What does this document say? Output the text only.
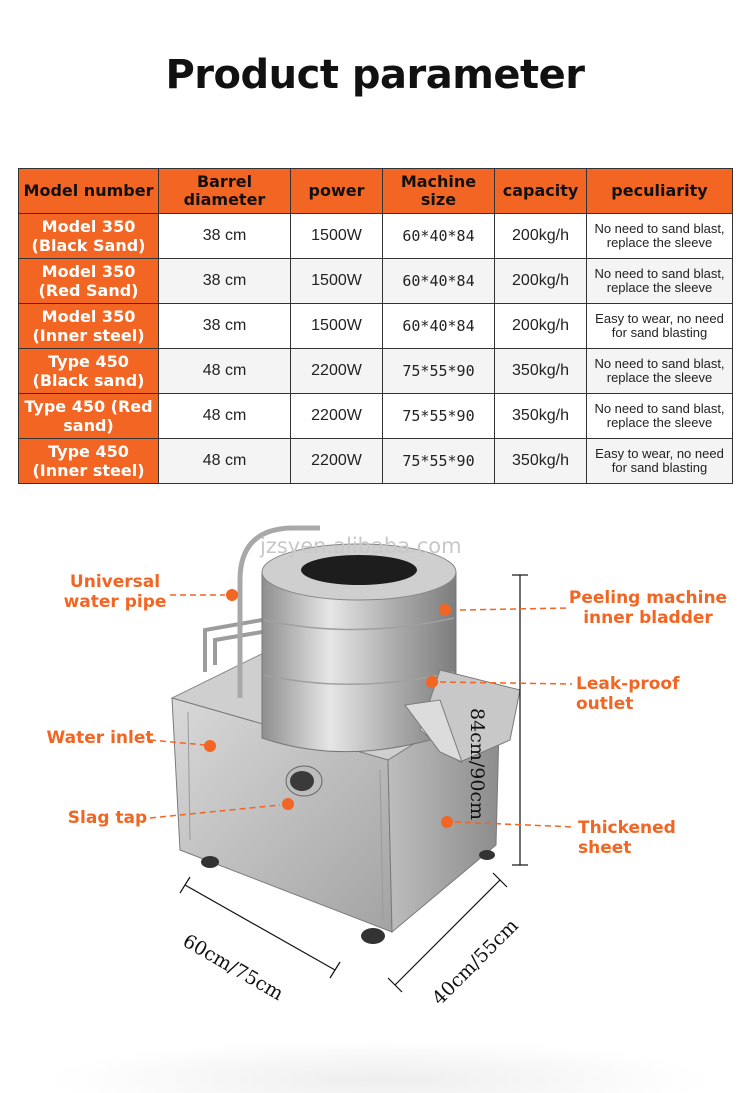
Product parameter
Model number	Barrel diameter	power	Machine size	capacity	peculiarity
Model 350 (Black Sand)	38 cm	1500W	60*40*84	200kg/h	No need to sand blast, replace the sleeve
Model 350 (Red Sand)	38 cm	1500W	60*40*84	200kg/h	No need to sand blast, replace the sleeve
Model 350 (Inner steel)	38 cm	1500W	60*40*84	200kg/h	Easy to wear, no need for sand blasting
Type 450 (Black sand)	48 cm	2200W	75*55*90	350kg/h	No need to sand blast, replace the sleeve
Type 450 (Red sand)	48 cm	2200W	75*55*90	350kg/h	No need to sand blast, replace the sleeve
Type 450 (Inner steel)	48 cm	2200W	75*55*90	350kg/h	Easy to wear, no need for sand blasting
jzsyen.alibaba.com
Universal water pipe
Water inlet
Slag tap
Peeling machine inner bladder
Leak-proof outlet
Thickened sheet
84cm/90cm
60cm/75cm	40cm/55cm
